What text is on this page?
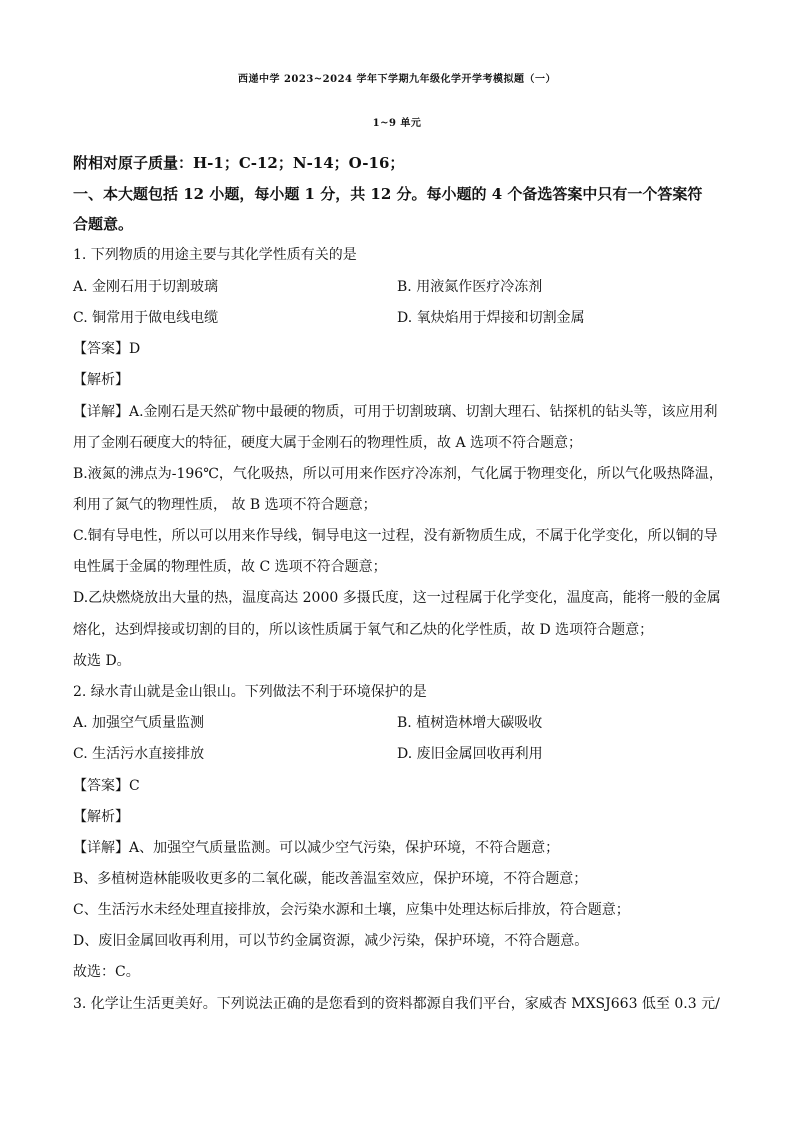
西递中学 2023~2024 学年下学期九年级化学开学考模拟题（一）
1~9 单元
附相对原子质量：H-1；C-12；N-14；O-16；
一、本大题包括 12 小题，每小题 1 分，共 12 分。每小题的 4 个备选答案中只有一个答案符
合题意。
1. 下列物质的用途主要与其化学性质有关的是
A. 金刚石用于切割玻璃	B. 用液氮作医疗冷冻剂
C. 铜常用于做电线电缆	D. 氧炔焰用于焊接和切割金属
【答案】D
【解析】
【详解】A.金刚石是天然矿物中最硬的物质，可用于切割玻璃、切割大理石、钻探机的钻头等，该应用利
用了金刚石硬度大的特征，硬度大属于金刚石的物理性质，故 A 选项不符合题意；
B.液氮的沸点为-196℃，气化吸热，所以可用来作医疗冷冻剂，气化属于物理变化，所以气化吸热降温，
利用了氮气的物理性质， 故 B 选项不符合题意；
C.铜有导电性，所以可以用来作导线，铜导电这一过程，没有新物质生成，不属于化学变化，所以铜的导
电性属于金属的物理性质，故 C 选项不符合题意；
D.乙炔燃烧放出大量的热，温度高达 2000 多摄氏度，这一过程属于化学变化，温度高，能将一般的金属
熔化，达到焊接或切割的目的，所以该性质属于氧气和乙炔的化学性质，故 D 选项符合题意；
故选 D。
2. 绿水青山就是金山银山。下列做法不利于环境保护的是
A. 加强空气质量监测	B. 植树造林增大碳吸收
C. 生活污水直接排放	D. 废旧金属回收再利用
【答案】C
【解析】
【详解】A、加强空气质量监测。可以减少空气污染，保护环境，不符合题意；
B、多植树造林能吸收更多的二氧化碳，能改善温室效应，保护环境，不符合题意；
C、生活污水未经处理直接排放，会污染水源和土壤，应集中处理达标后排放，符合题意；
D、废旧金属回收再利用，可以节约金属资源，减少污染，保护环境，不符合题意。
故选：C。
3. 化学让生活更美好。下列说法正确的是您看到的资料都源自我们平台，家威杏 MXSJ663 低至 0.3 元/
